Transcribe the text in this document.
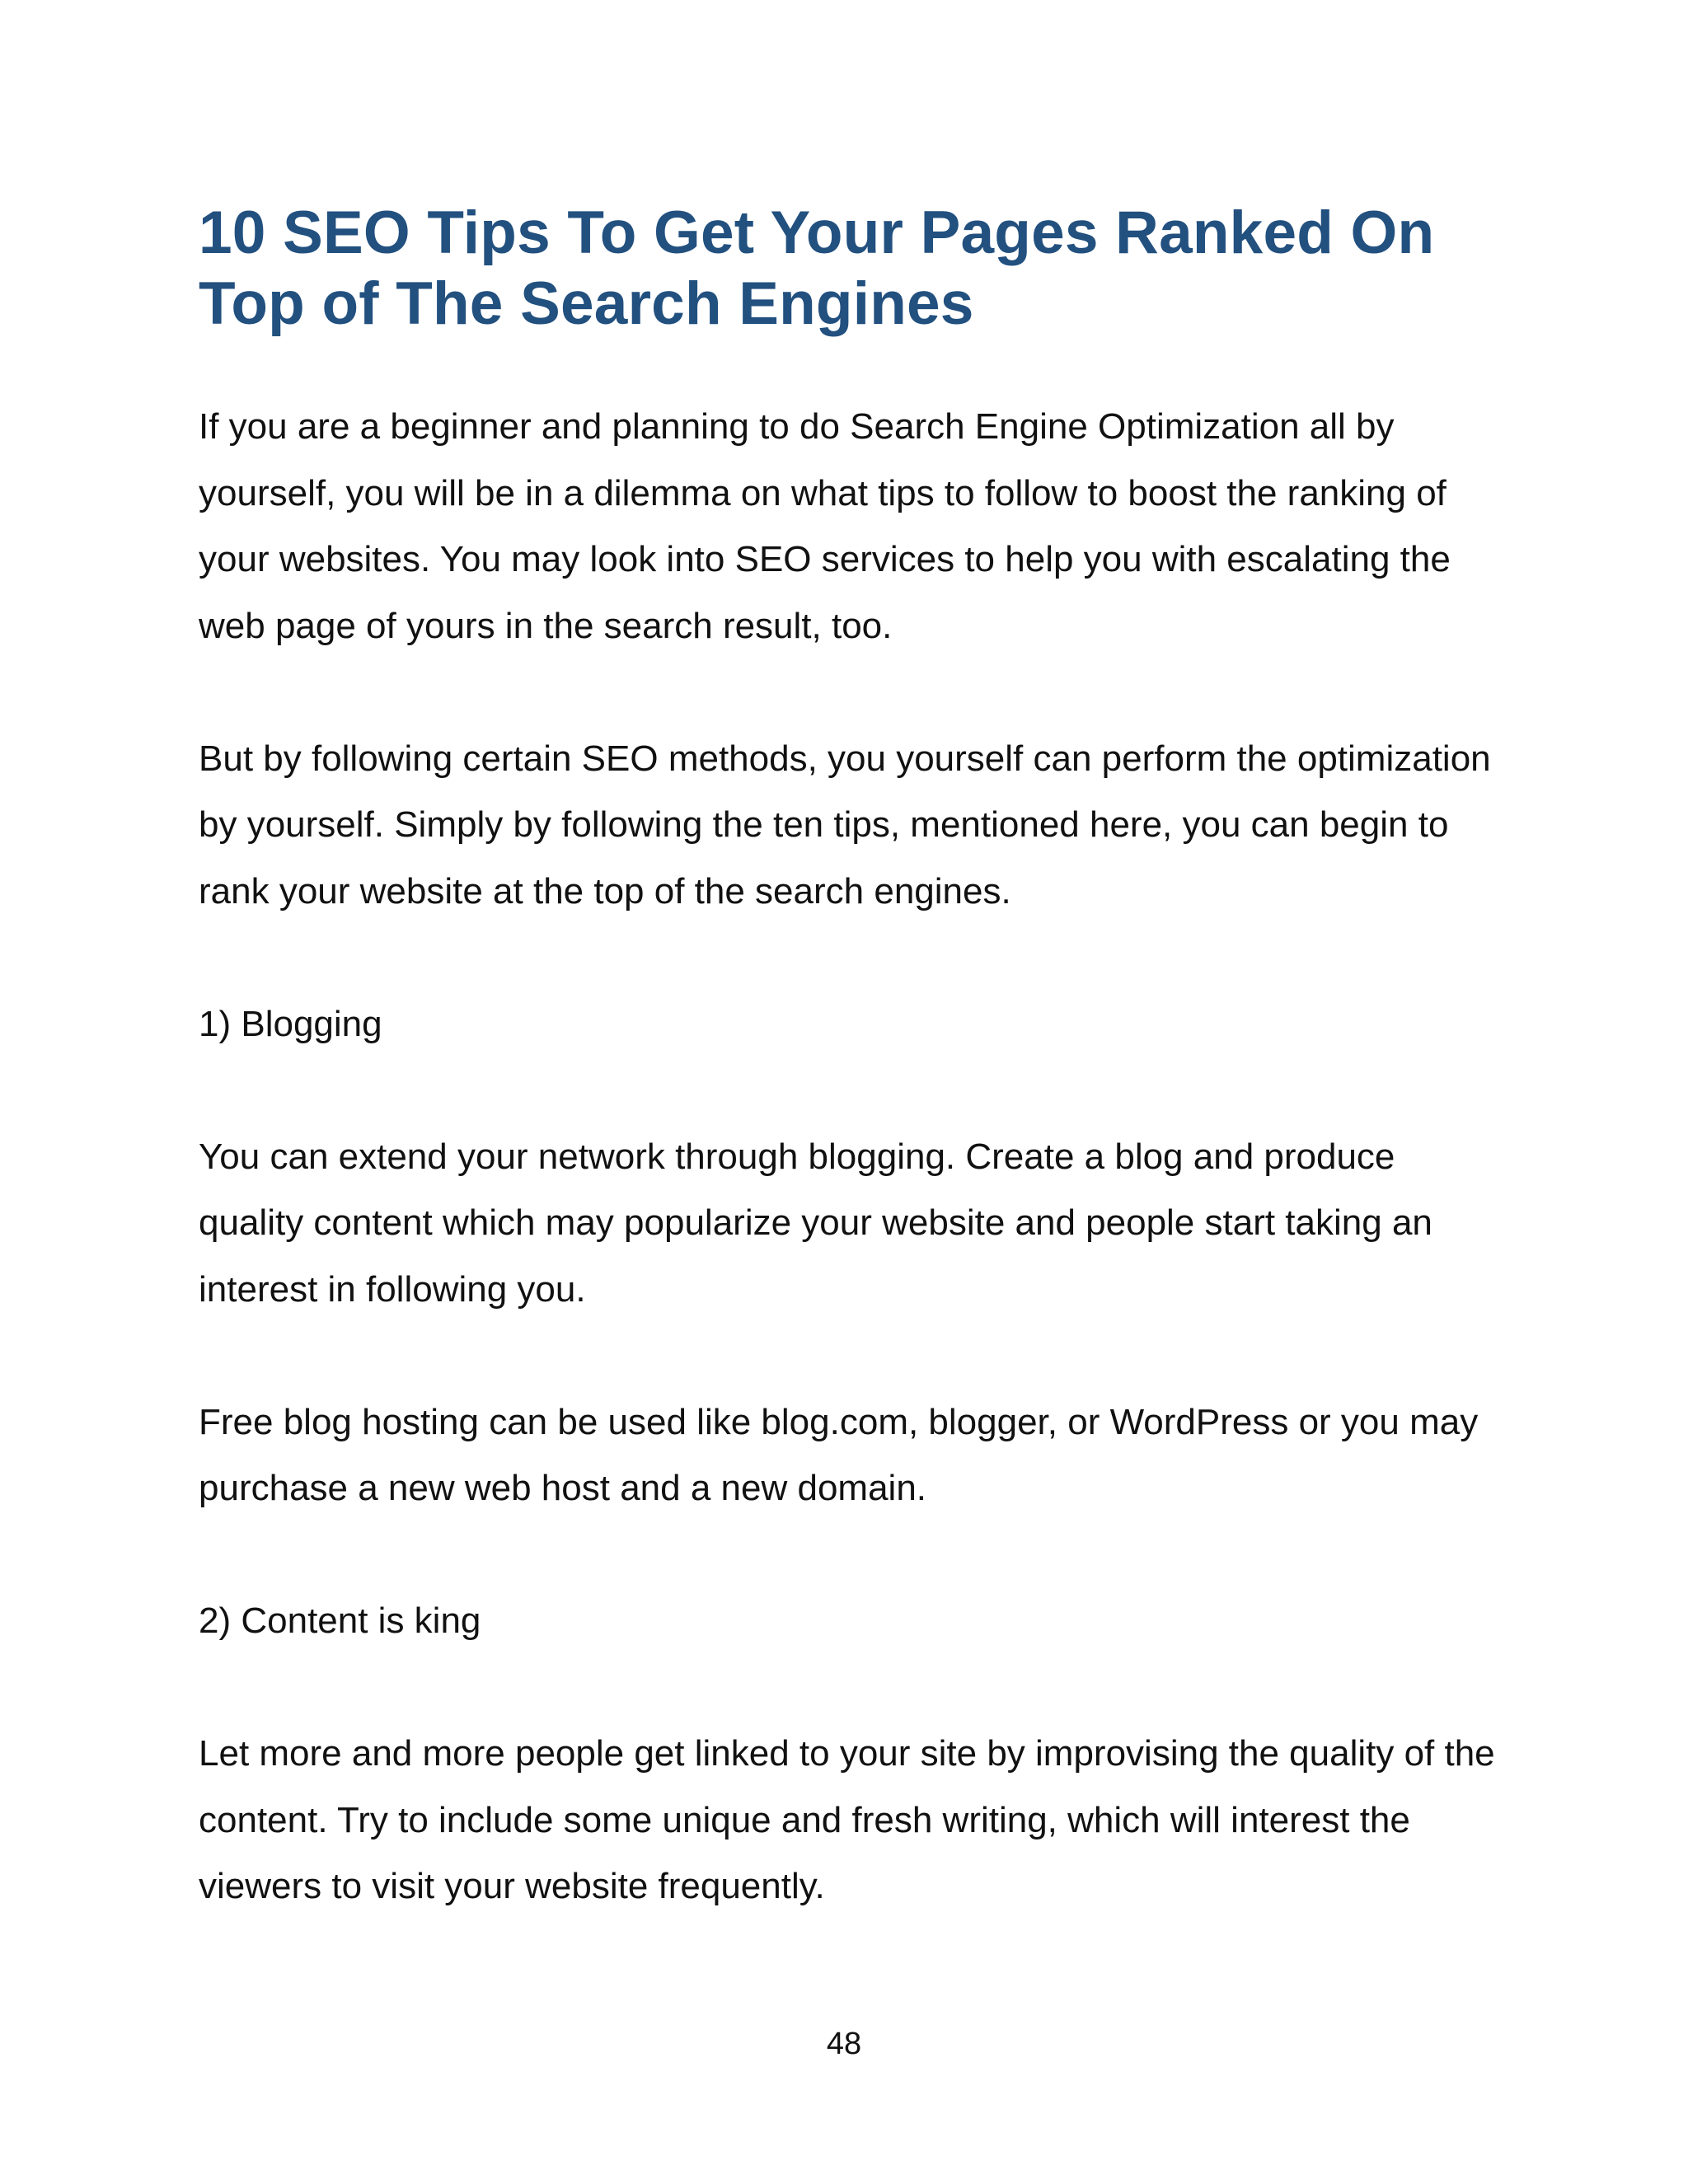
10 SEO Tips To Get Your Pages Ranked On Top of The Search Engines

If you are a beginner and planning to do Search Engine Optimization all by yourself, you will be in a dilemma on what tips to follow to boost the ranking of your websites. You may look into SEO services to help you with escalating the web page of yours in the search result, too.

But by following certain SEO methods, you yourself can perform the optimization by yourself. Simply by following the ten tips, mentioned here, you can begin to rank your website at the top of the search engines.

1) Blogging

You can extend your network through blogging. Create a blog and produce quality content which may popularize your website and people start taking an interest in following you.

Free blog hosting can be used like blog.com, blogger, or WordPress or you may purchase a new web host and a new domain.

2) Content is king

Let more and more people get linked to your site by improvising the quality of the content. Try to include some unique and fresh writing, which will interest the viewers to visit your website frequently.

48
